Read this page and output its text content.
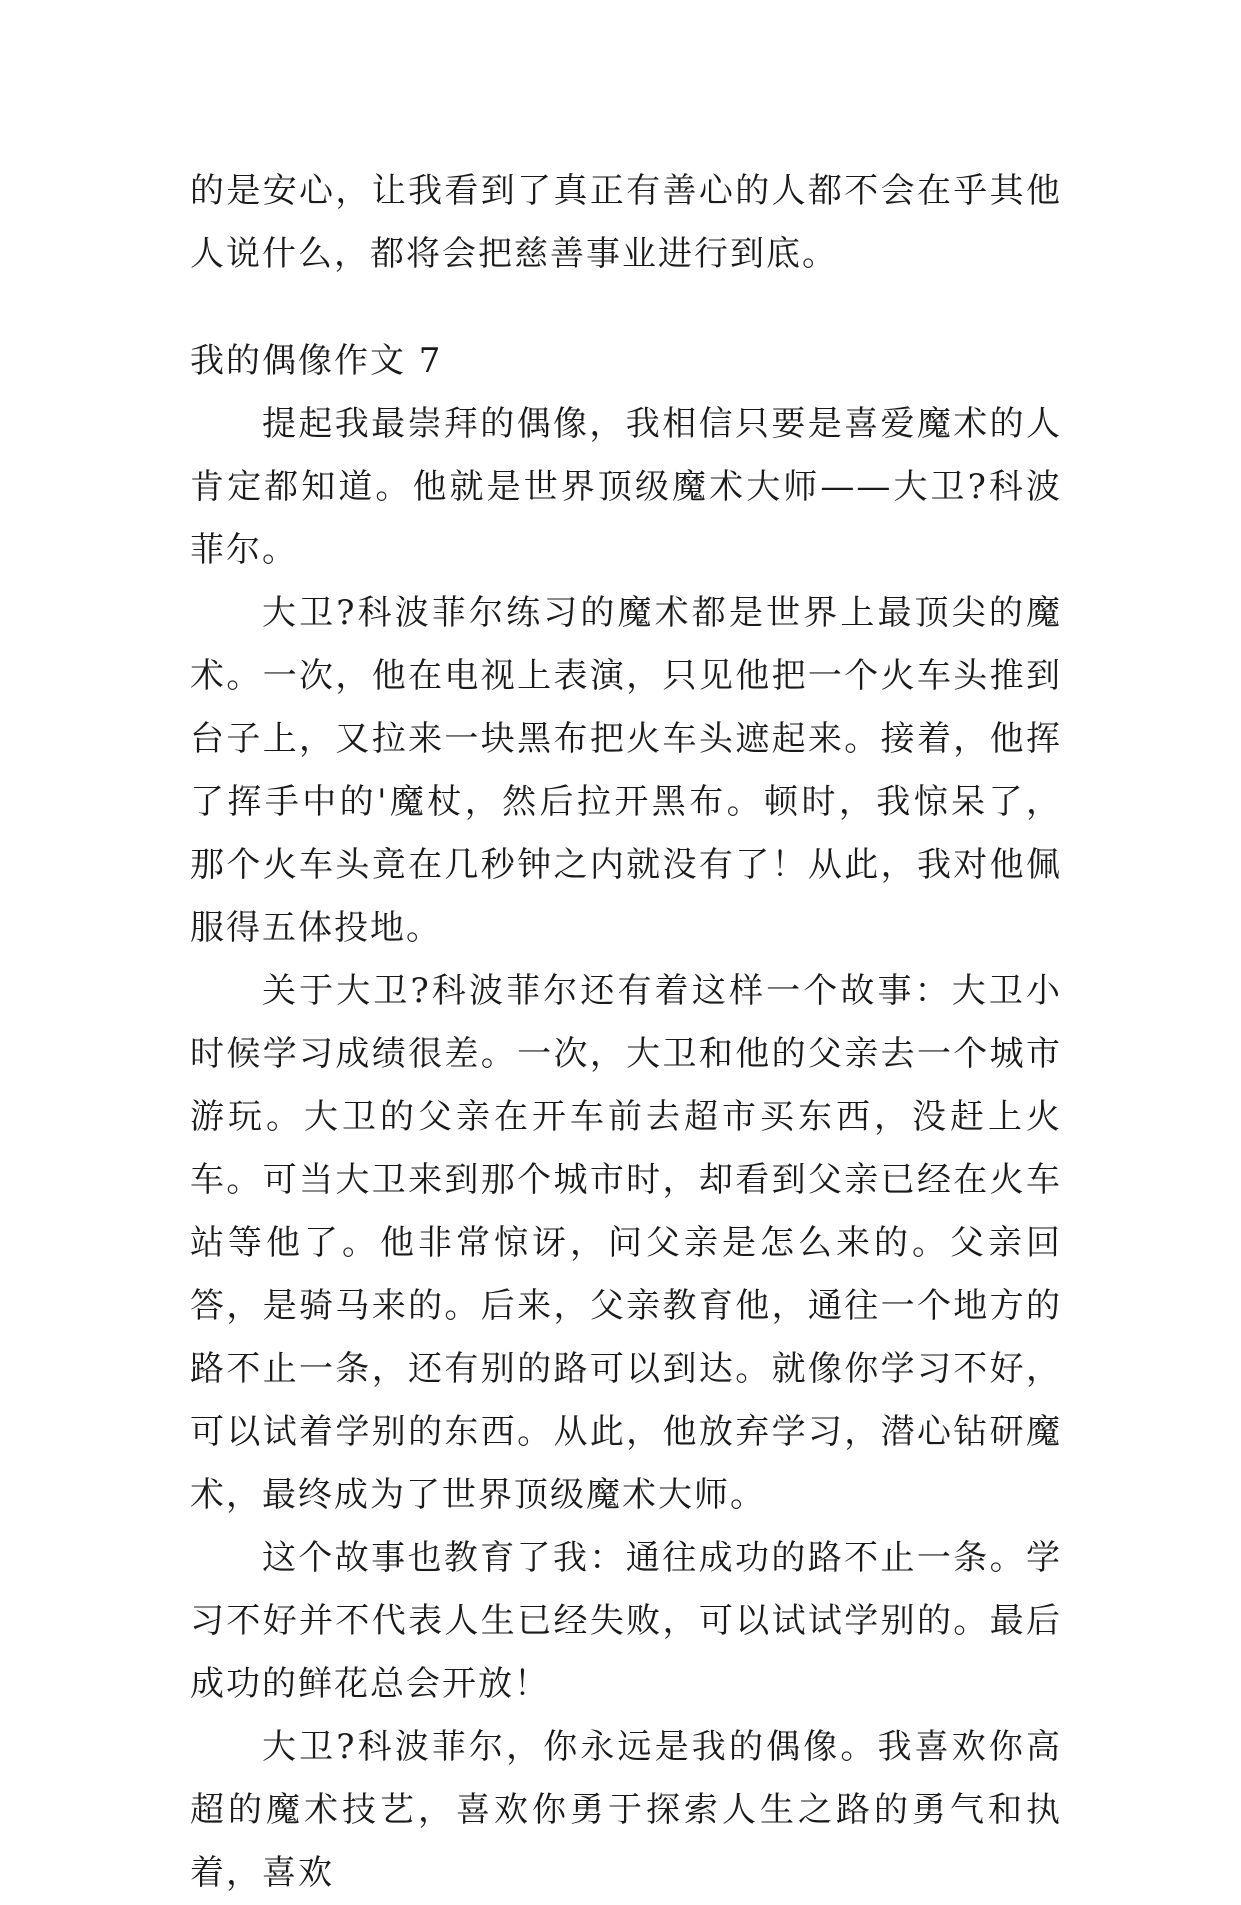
的是安心，让我看到了真正有善心的人都不会在乎其他人说什么，都将会把慈善事业进行到底。

我的偶像作文 7

提起我最崇拜的偶像，我相信只要是喜爱魔术的人肯定都知道。他就是世界顶级魔术大师——大卫?科波菲尔。

大卫?科波菲尔练习的魔术都是世界上最顶尖的魔术。一次，他在电视上表演，只见他把一个火车头推到台子上，又拉来一块黑布把火车头遮起来。接着，他挥了挥手中的'魔杖，然后拉开黑布。顿时，我惊呆了，那个火车头竟在几秒钟之内就没有了！从此，我对他佩服得五体投地。

关于大卫?科波菲尔还有着这样一个故事：大卫小时候学习成绩很差。一次，大卫和他的父亲去一个城市游玩。大卫的父亲在开车前去超市买东西，没赶上火车。可当大卫来到那个城市时，却看到父亲已经在火车站等他了。他非常惊讶，问父亲是怎么来的。父亲回答，是骑马来的。后来，父亲教育他，通往一个地方的路不止一条，还有别的路可以到达。就像你学习不好，可以试着学别的东西。从此，他放弃学习，潜心钻研魔术，最终成为了世界顶级魔术大师。

这个故事也教育了我：通往成功的路不止一条。学习不好并不代表人生已经失败，可以试试学别的。最后成功的鲜花总会开放！

大卫?科波菲尔，你永远是我的偶像。我喜欢你高超的魔术技艺，喜欢你勇于探索人生之路的勇气和执着，喜欢
